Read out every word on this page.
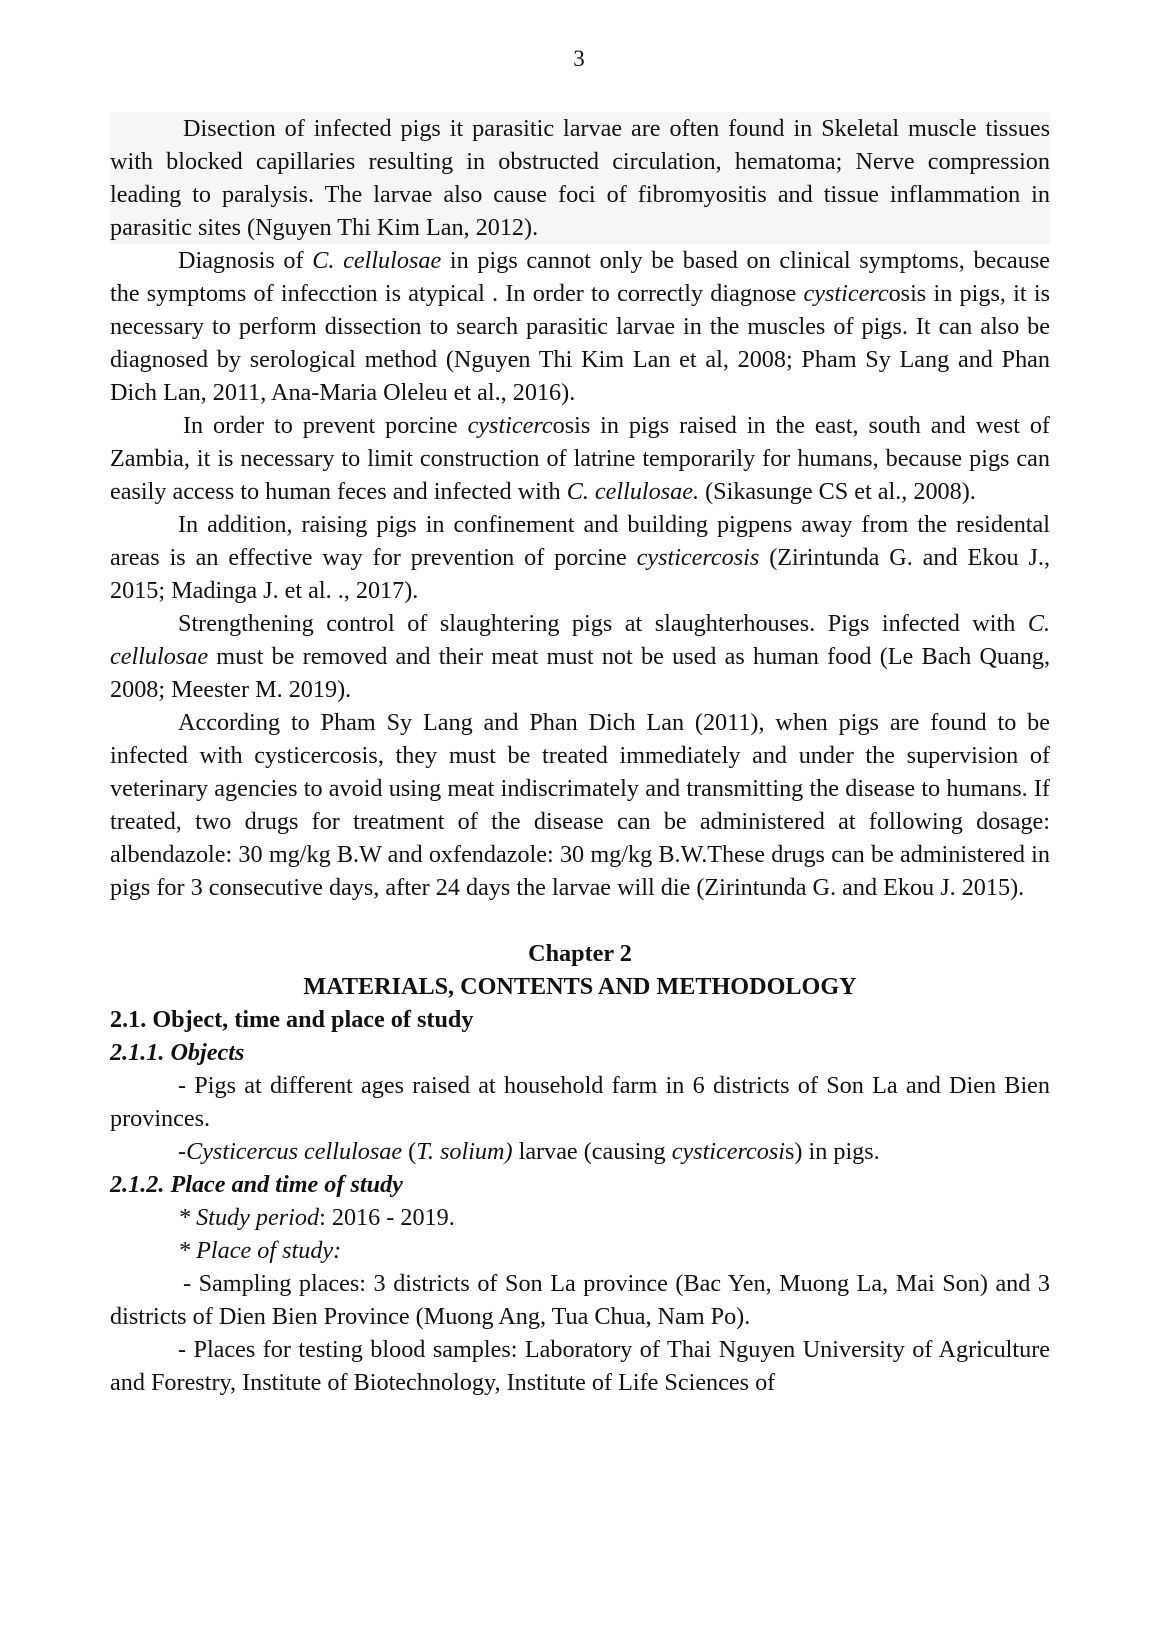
3

Disection of infected pigs it parasitic larvae are often found in Skeletal muscle tissues with blocked capillaries resulting in obstructed circulation, hematoma; Nerve compression leading to paralysis. The larvae also cause foci of fibromyositis and tissue inflammation in parasitic sites (Nguyen Thi Kim Lan, 2012).

Diagnosis of C. cellulosae in pigs cannot only be based on clinical symptoms, because the symptoms of infecction is atypical . In order to correctly diagnose cysticercosis in pigs, it is necessary to perform dissection to search parasitic larvae in the muscles of pigs. It can also be diagnosed by serological method (Nguyen Thi Kim Lan et al, 2008; Pham Sy Lang and Phan Dich Lan, 2011, Ana-Maria Oleleu et al., 2016).

In order to prevent porcine cysticercosis in pigs raised in the east, south and west of Zambia, it is necessary to limit construction of latrine temporarily for humans, because pigs can easily access to human feces and infected with C. cellulosae. (Sikasunge CS et al., 2008).

In addition, raising pigs in confinement and building pigpens away from the residental areas is an effective way for prevention of porcine cysticercosis (Zirintunda G. and Ekou J., 2015; Madinga J. et al. ., 2017).

Strengthening control of slaughtering pigs at slaughterhouses. Pigs infected with C. cellulosae must be removed and their meat must not be used as human food (Le Bach Quang, 2008; Meester M. 2019).

According to Pham Sy Lang and Phan Dich Lan (2011), when pigs are found to be infected with cysticercosis, they must be treated immediately and under the supervision of veterinary agencies to avoid using meat indiscrimately and transmitting the disease to humans. If treated, two drugs for treatment of the disease can be administered at following dosage: albendazole: 30 mg/kg B.W and oxfendazole: 30 mg/kg B.W.These drugs can be administered in pigs for 3 consecutive days, after 24 days the larvae will die (Zirintunda G. and Ekou J. 2015).

Chapter 2

MATERIALS, CONTENTS AND METHODOLOGY

2.1. Object, time and place of study

2.1.1. Objects

- Pigs at different ages raised at household farm in 6 districts of Son La and Dien Bien provinces.

-Cysticercus cellulosae (T. solium) larvae (causing cysticercosis) in pigs.

2.1.2. Place and time of study

* Study period: 2016 - 2019.

* Place of study:

- Sampling places: 3 districts of Son La province (Bac Yen, Muong La, Mai Son) and 3 districts of Dien Bien Province (Muong Ang, Tua Chua, Nam Po).

- Places for testing blood samples: Laboratory of Thai Nguyen University of Agriculture and Forestry, Institute of Biotechnology, Institute of Life Sciences of
